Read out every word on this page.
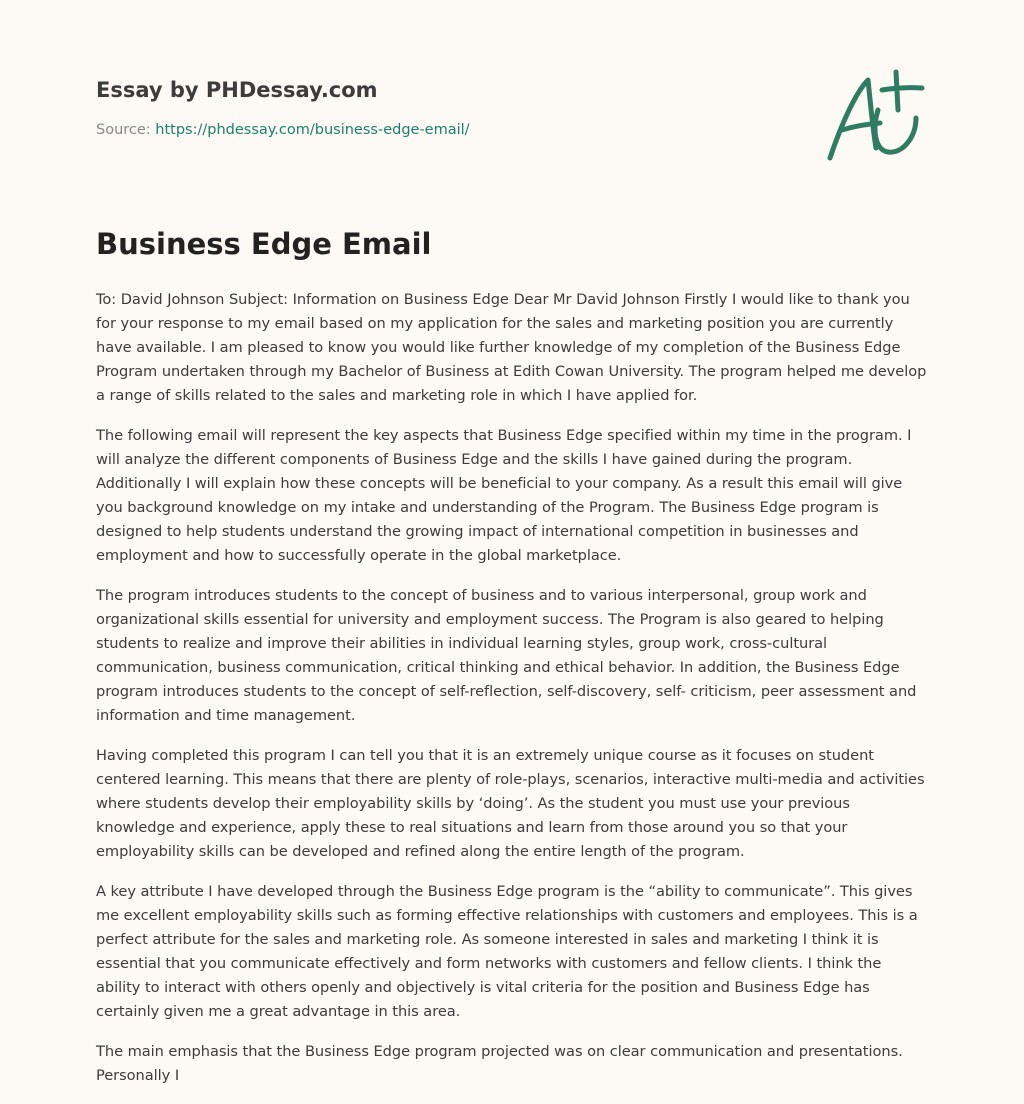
Essay by PHDessay.com
Source: https://phdessay.com/business-edge-email/
Business Edge Email

To: David Johnson Subject: Information on Business Edge Dear Mr David Johnson Firstly I would like to thank you for your response to my email based on my application for the sales and marketing position you are currently have available. I am pleased to know you would like further knowledge of my completion of the Business Edge Program undertaken through my Bachelor of Business at Edith Cowan University. The program helped me develop a range of skills related to the sales and marketing role in which I have applied for.

The following email will represent the key aspects that Business Edge specified within my time in the program. I will analyze the different components of Business Edge and the skills I have gained during the program. Additionally I will explain how these concepts will be beneficial to your company. As a result this email will give you background knowledge on my intake and understanding of the Program. The Business Edge program is designed to help students understand the growing impact of international competition in businesses and employment and how to successfully operate in the global marketplace.

The program introduces students to the concept of business and to various interpersonal, group work and organizational skills essential for university and employment success. The Program is also geared to helping students to realize and improve their abilities in individual learning styles, group work, cross-cultural communication, business communication, critical thinking and ethical behavior. In addition, the Business Edge program introduces students to the concept of self-reflection, self-discovery, self- criticism, peer assessment and information and time management.

Having completed this program I can tell you that it is an extremely unique course as it focuses on student centered learning. This means that there are plenty of role-plays, scenarios, interactive multi-media and activities where students develop their employability skills by ‘doing’. As the student you must use your previous knowledge and experience, apply these to real situations and learn from those around you so that your employability skills can be developed and refined along the entire length of the program.

A key attribute I have developed through the Business Edge program is the “ability to communicate”. This gives me excellent employability skills such as forming effective relationships with customers and employees. This is a perfect attribute for the sales and marketing role. As someone interested in sales and marketing I think it is essential that you communicate effectively and form networks with customers and fellow clients. I think the ability to interact with others openly and objectively is vital criteria for the position and Business Edge has certainly given me a great advantage in this area.

The main emphasis that the Business Edge program projected was on clear communication and presentations. Personally I
